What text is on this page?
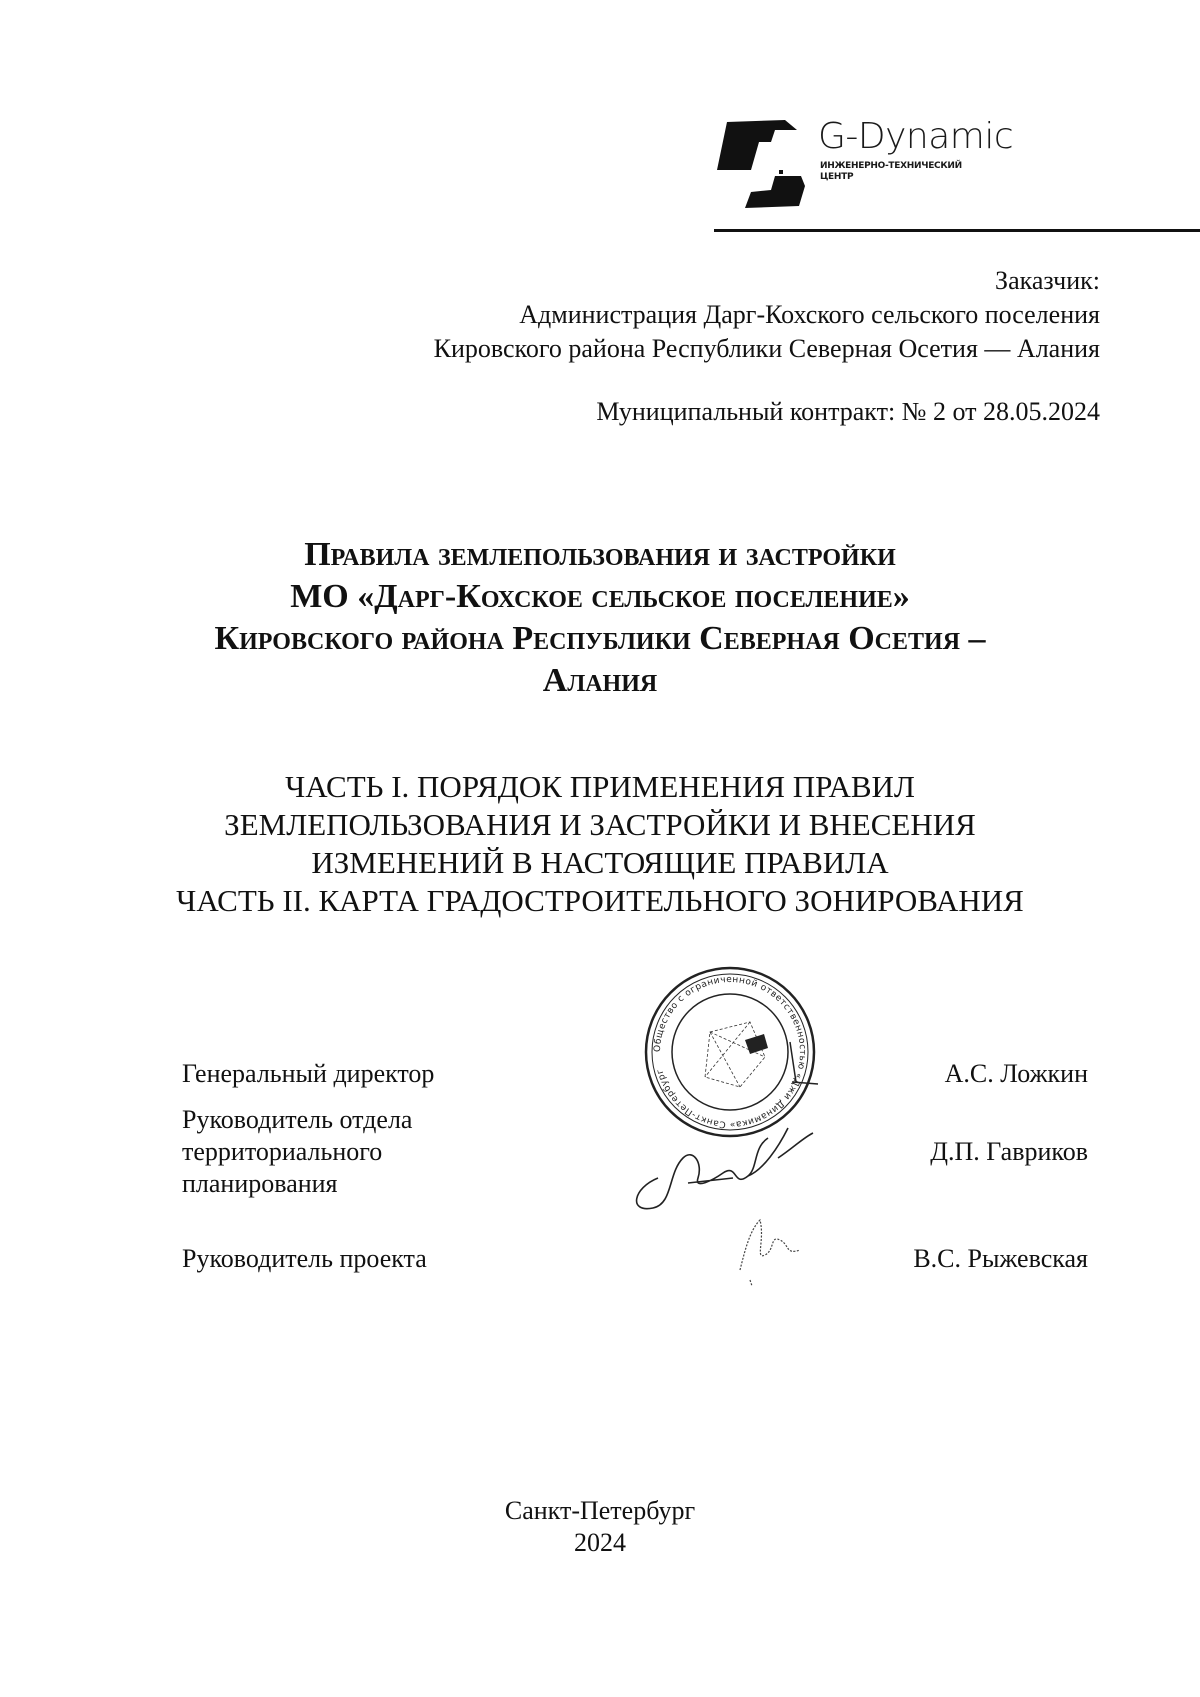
G-Dynamic
ИНЖЕНЕРНО-ТЕХНИЧЕСКИЙ
ЦЕНТР
Заказчик:
Администрация Дарг-Кохского сельского поселения
Кировского района Республики Северная Осетия — Алания
Муниципальный контракт: № 2 от 28.05.2024
Правила землепользования и застройки
МО «Дарг-Кохское сельское поселение»
Кировского района Республики Северная Осетия –
Алания
ЧАСТЬ I. ПОРЯДОК ПРИМЕНЕНИЯ ПРАВИЛ
ЗЕМЛЕПОЛЬЗОВАНИЯ И ЗАСТРОЙКИ И ВНЕСЕНИЯ
ИЗМЕНЕНИЙ В НАСТОЯЩИЕ ПРАВИЛА
ЧАСТЬ II. КАРТА ГРАДОСТРОИТЕЛЬНОГО ЗОНИРОВАНИЯ
Генеральный директор	А.С. Ложкин
Руководитель отдела
территориального
планирования
Д.П. Гавриков
Руководитель проекта	В.С. Рыжевская
Общество с ограниченной ответственностью «Джи Динамика» Санкт-Петербург
Санкт-Петербург
2024
